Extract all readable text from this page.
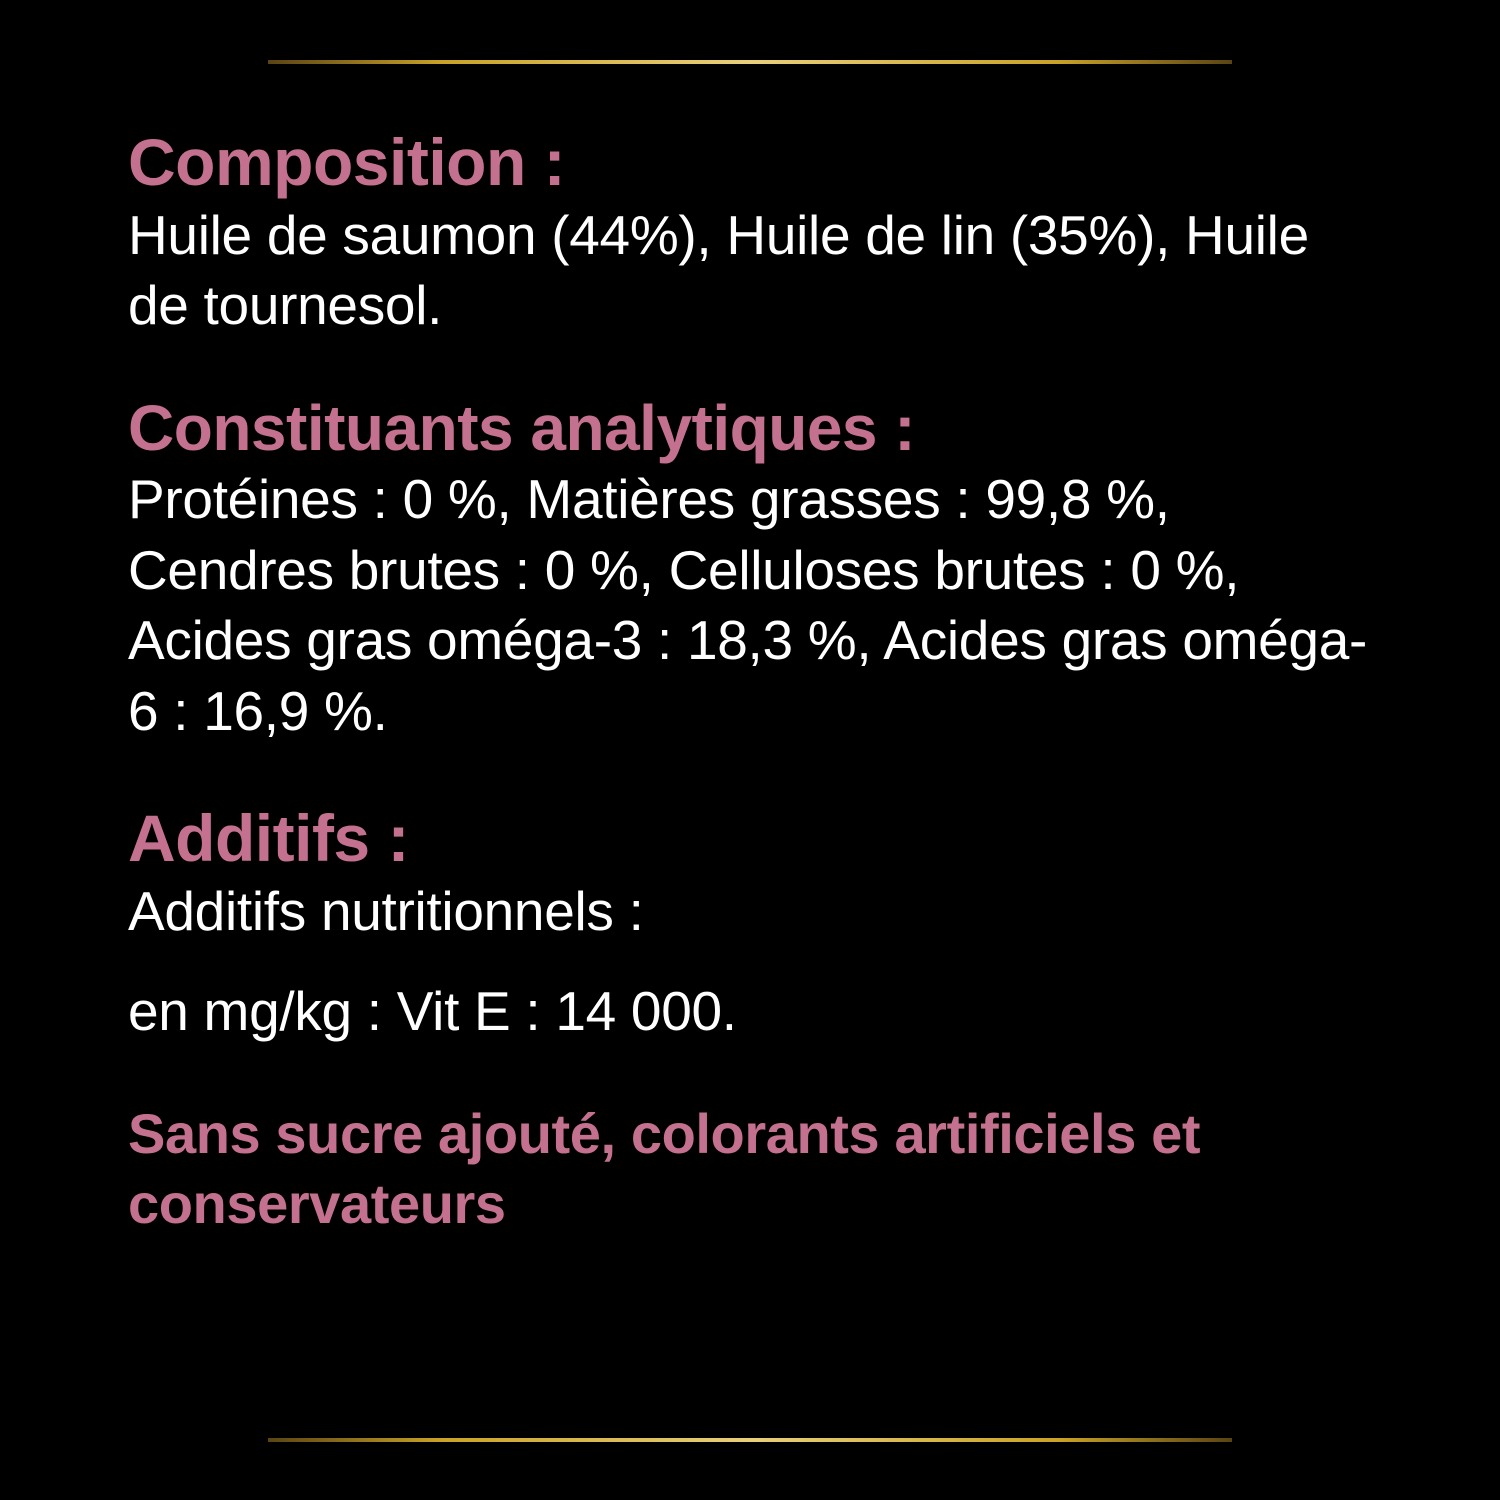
Composition :

Huile de saumon (44%), Huile de lin (35%), Huile de tournesol.

Constituants analytiques :

Protéines : 0 %, Matières grasses : 99,8 %, Cendres brutes : 0 %, Celluloses brutes : 0 %, Acides gras oméga-3 : 18,3 %, Acides gras oméga-6 : 16,9 %.

Additifs :

Additifs nutritionnels :

en mg/kg : Vit E : 14 000.

Sans sucre ajouté, colorants artificiels et conservateurs
